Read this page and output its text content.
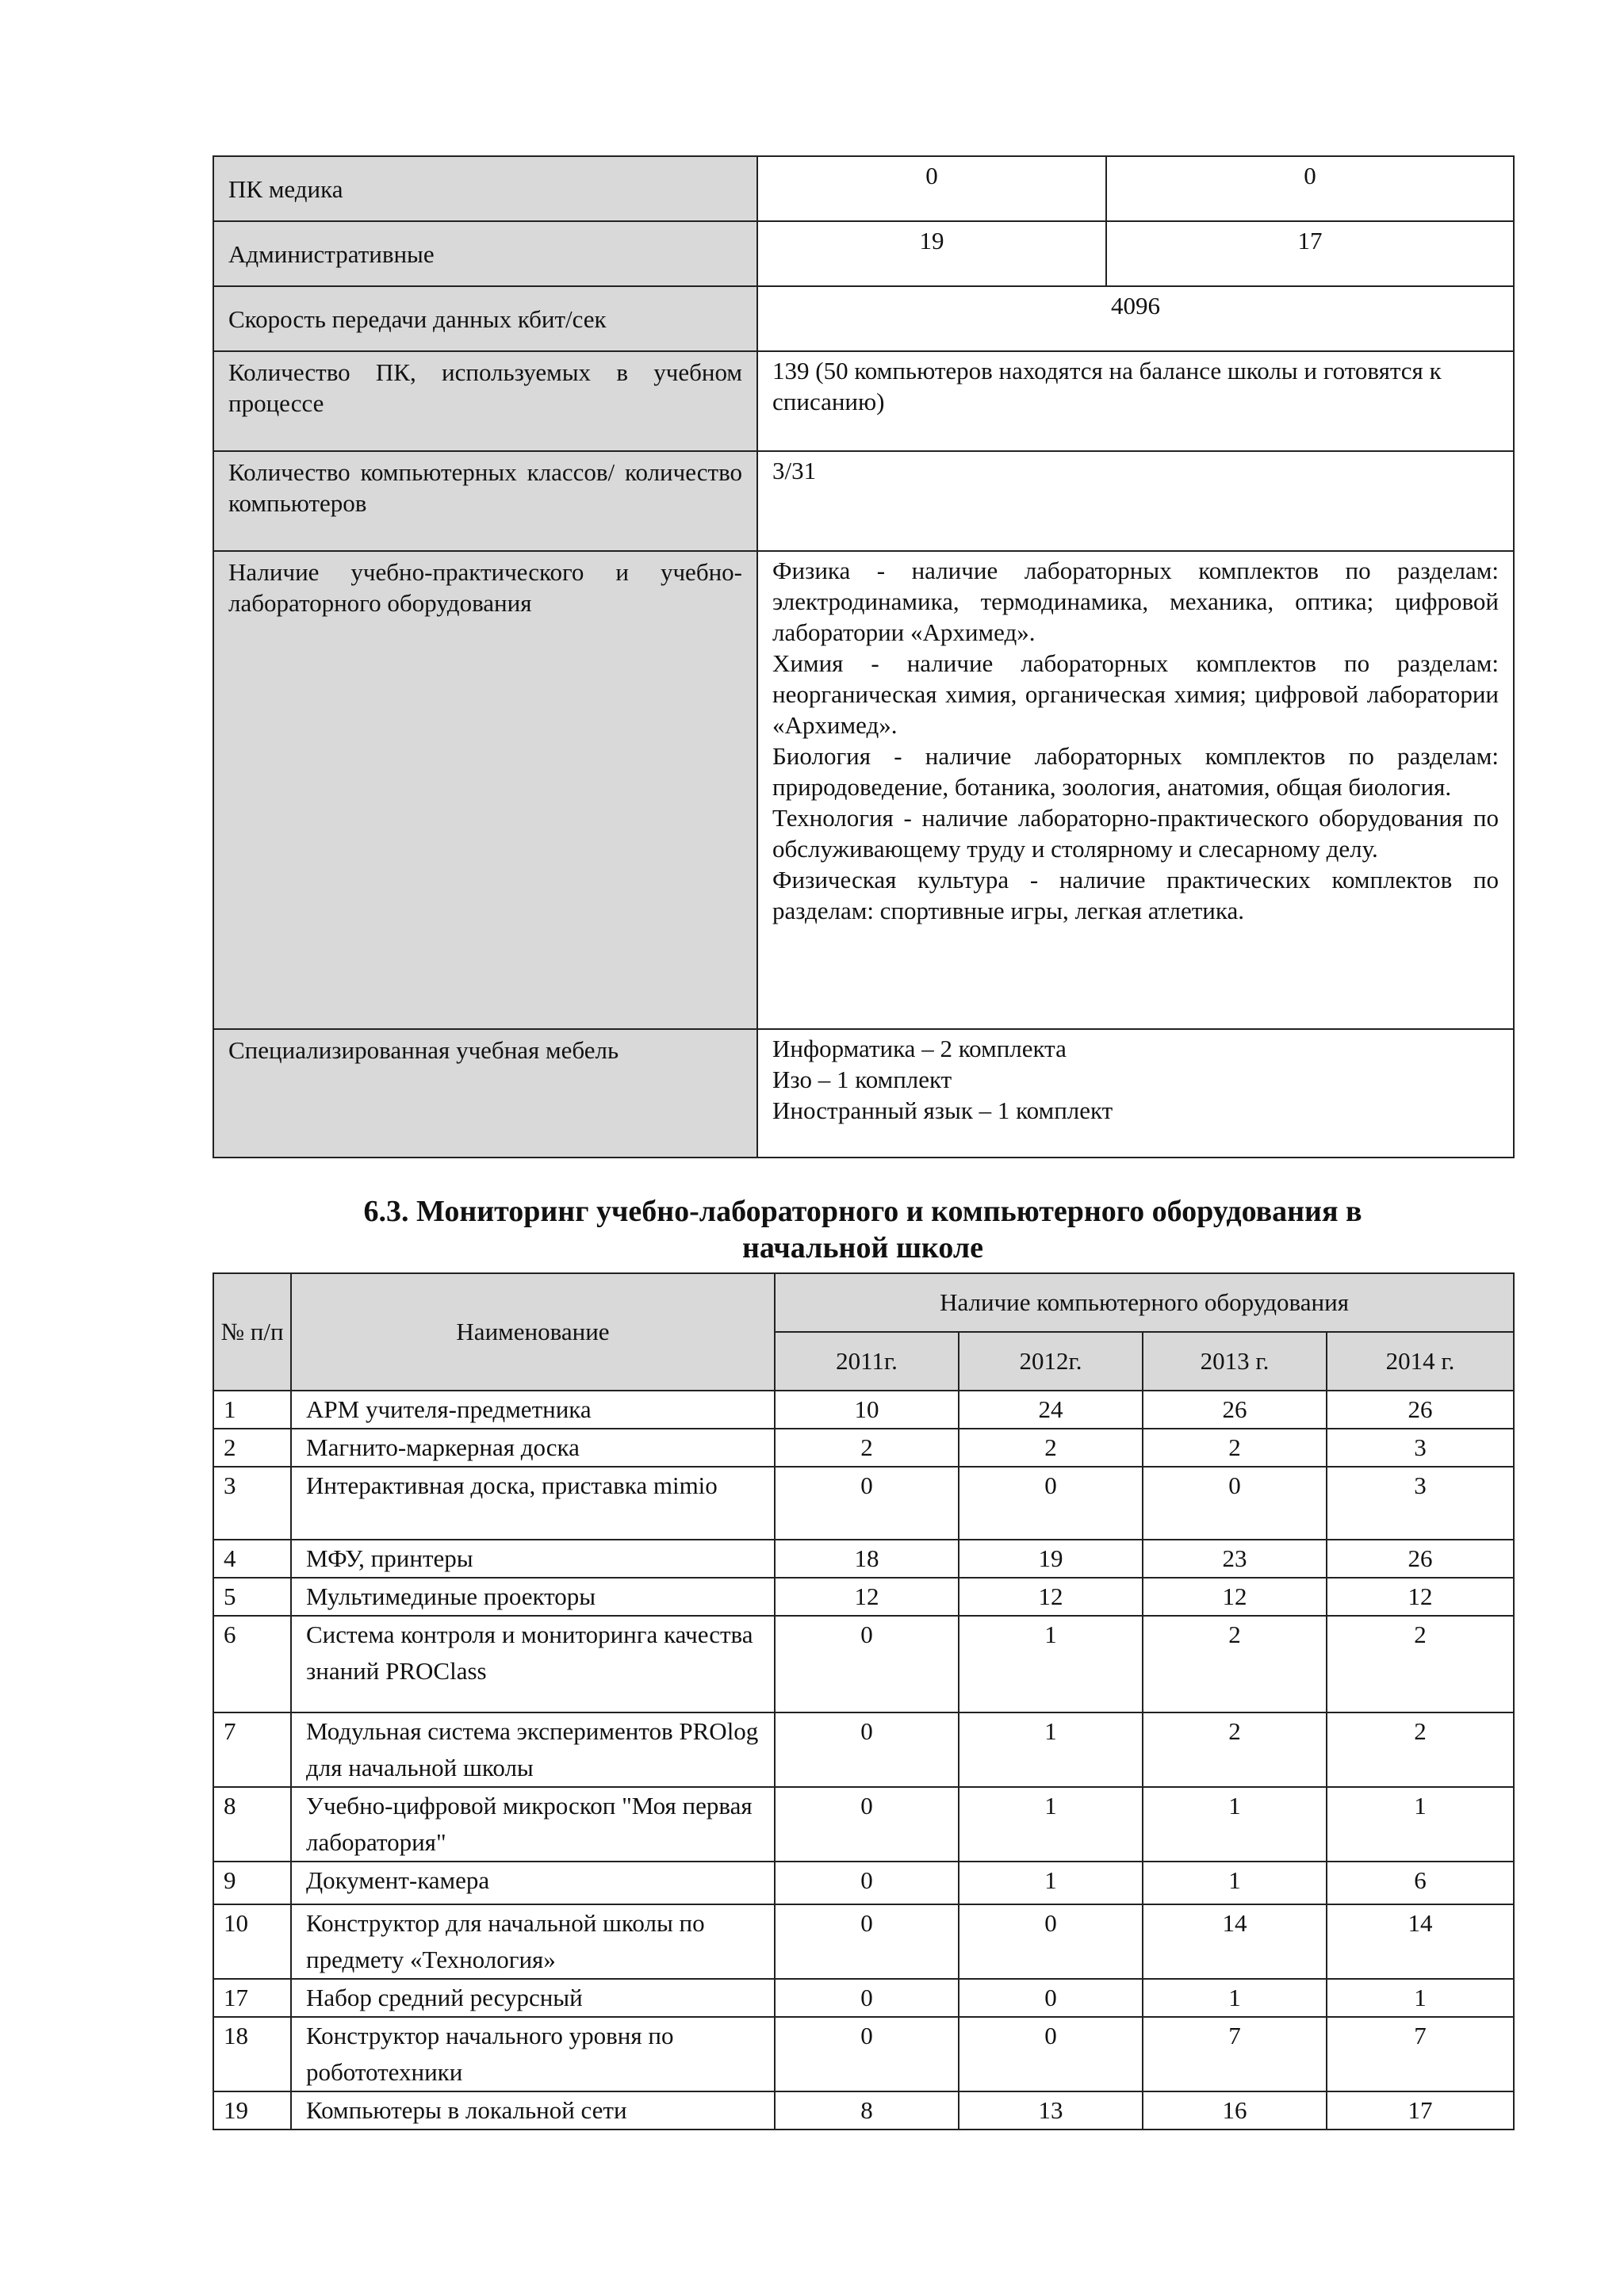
ПК медика	0	0
Административные	19	17
Скорость передачи данных кбит/сек	4096	
Количество ПК, используемых в учебном процессе	139 (50 компьютеров находятся на балансе школы и готовятся к списанию)	
Количество компьютерных классов/ количество компьютеров	3/31	
Наличие учебно-практического и учебно-лабораторного оборудования	Физика - наличие лабораторных комплектов по разделам: электродинамика, термодинамика, механика, оптика; цифровой лаборатории «Архимед».
Химия - наличие лабораторных комплектов по разделам: неорганическая химия, органическая химия; цифровой лаборатории «Архимед».
Биология - наличие лабораторных комплектов по разделам: природоведение, ботаника, зоология, анатомия, общая биология.
Технология - наличие лабораторно-практического оборудования по обслуживающему труду и столярному и слесарному делу.
Физическая культура - наличие практических комплектов по разделам: спортивные игры, легкая атлетика.	

Специализированная учебная мебель	Информатика – 2 комплекта
Изо – 1 комплект
Иностранный язык – 1 комплект	
6.3. Мониторинг учебно-лабораторного и компьютерного оборудования в
начальной школе
№ п/п	Наименование	Наличие компьютерного оборудования			
		2011г.	2012г.	2013 г.	2014 г.
1	АРМ учителя-предметника	10	24	26	26
2	Магнито-маркерная доска	2	2	2	3
3	Интерактивная доска, приставка mimio	0	0	0	3
4	МФУ, принтеры	18	19	23	26
5	Мультимединые проекторы	12	12	12	12
6	Система контроля и мониторинга качества знаний PROClass	0	1	2	2
7	Модульная система экспериментов PROlog для начальной школы	0	1	2	2
8	Учебно-цифровой микроскоп "Моя первая лаборатория"	0	1	1	1
9	Документ-камера	0	1	1	6
10	Конструктор для начальной школы по предмету «Технология»	0	0	14	14
17	Набор средний ресурсный	0	0	1	1
18	Конструктор начального уровня по робототехники	0	0	7	7
19	Компьютеры в локальной сети	8	13	16	17
